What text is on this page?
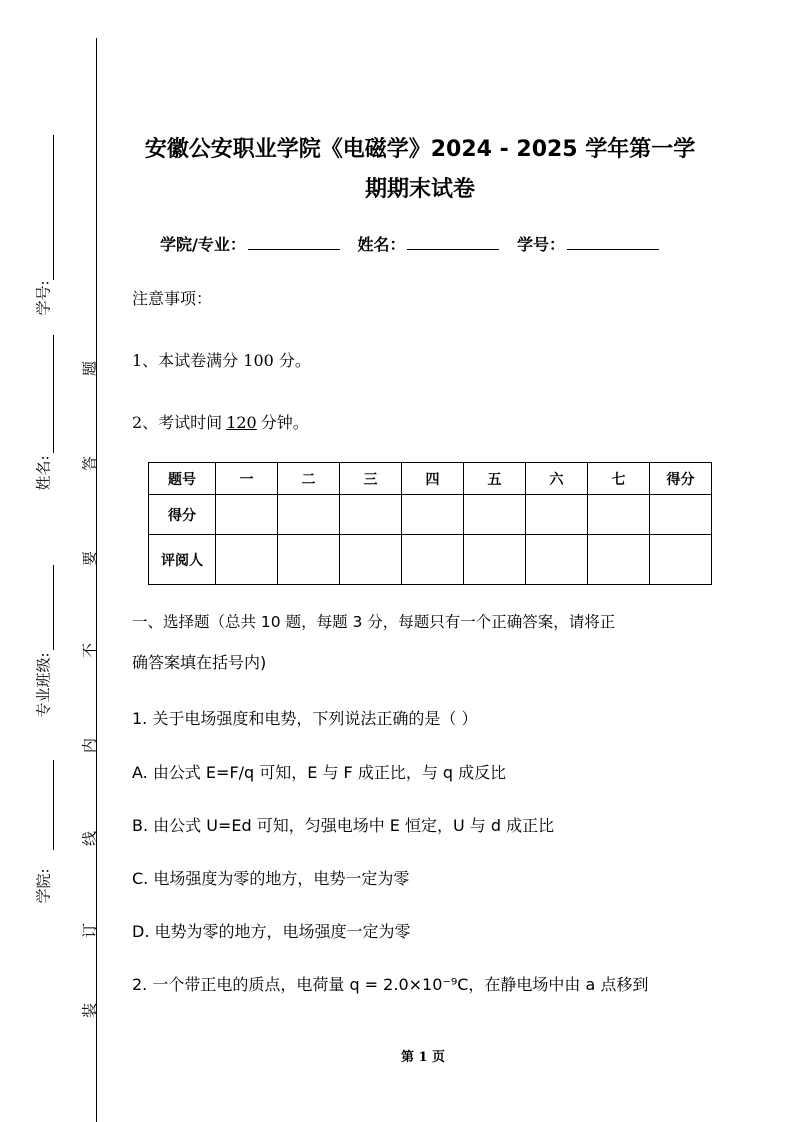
学号:
姓名:
专业班级:
学院:
题
答
要
不
内
线
订
装
安徽公安职业学院《电磁学》2024 - 2025 学年第一学
期期末试卷
学院/专业：	姓名：	学号：
注意事项：
1、本试卷满分 100 分。
2、考试时间 120 分钟。
题号	一	二	三	四	五	六	七	得分
得分								
评阅人								
一、选择题（总共 10 题，每题 3 分，每题只有一个正确答案，请将正
确答案填在括号内)
1. 关于电场强度和电势，下列说法正确的是（ ）
A. 由公式 E=F/q 可知，E 与 F 成正比，与 q 成反比
B. 由公式 U=Ed 可知，匀强电场中 E 恒定，U 与 d 成正比
C. 电场强度为零的地方，电势一定为零
D. 电势为零的地方，电场强度一定为零
2. 一个带正电的质点，电荷量 q = 2.0×10⁻⁹C，在静电场中由 a 点移到
第 1 页
